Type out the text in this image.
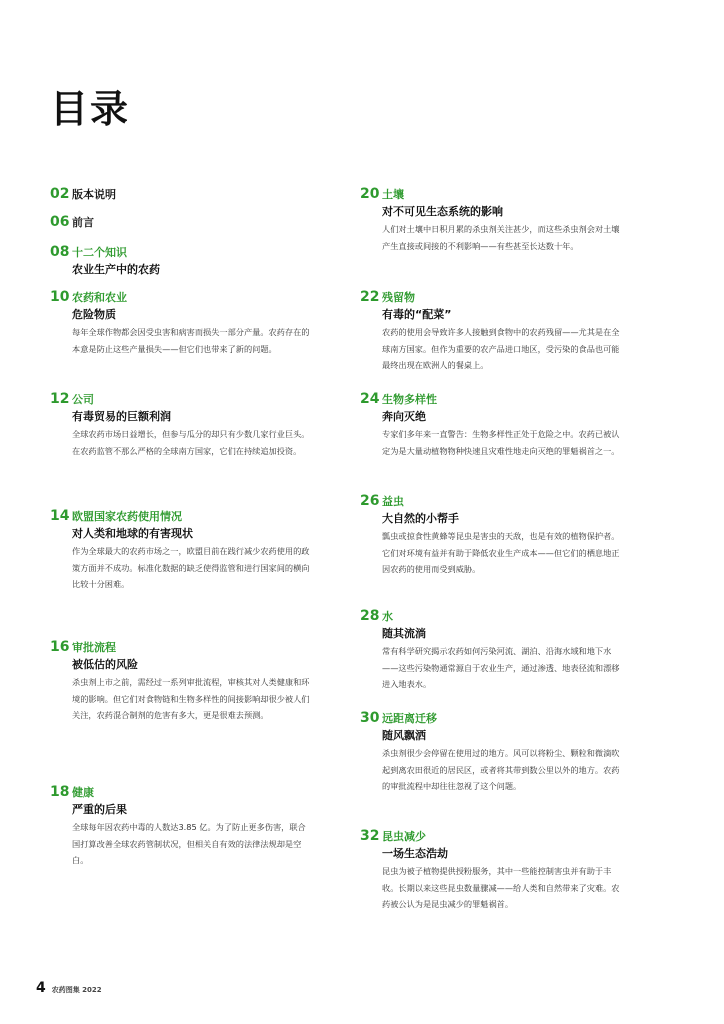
目录
02 版本说明
06 前言
08 十二个知识
农业生产中的农药
10 农药和农业
危险物质
每年全球作物都会因受虫害和病害而损失一部分产量。农药存在的本意是防止这些产量损失——但它们也带来了新的问题。
12 公司
有毒贸易的巨额利润
全球农药市场日益增长，但参与瓜分的却只有少数几家行业巨头。在农药监管不那么严格的全球南方国家，它们在持续追加投资。
14 欧盟国家农药使用情况
对人类和地球的有害现状
作为全球最大的农药市场之一，欧盟目前在践行减少农药使用的政策方面并不成功。标准化数据的缺乏使得监管和进行国家间的横向比较十分困难。
16 审批流程
被低估的风险
杀虫剂上市之前，需经过一系列审批流程，审核其对人类健康和环境的影响。但它们对食物链和生物多样性的间接影响却很少被人们关注，农药混合制剂的危害有多大，更是很难去预测。
18 健康
严重的后果
全球每年因农药中毒的人数达3.85 亿。为了防止更多伤害，联合国打算改善全球农药管制状况，但相关自有效的法律法规却是空白。
20 土壤
对不可见生态系统的影响
人们对土壤中日积月累的杀虫剂关注甚少，而这些杀虫剂会对土壤产生直接或间接的不利影响——有些甚至长达数十年。
22 残留物
有毒的“配菜”
农药的使用会导致许多人接触到食物中的农药残留——尤其是在全球南方国家。但作为重要的农产品进口地区，受污染的食品也可能最终出现在欧洲人的餐桌上。
24 生物多样性
奔向灭绝
专家们多年来一直警告：生物多样性正处于危险之中。农药已被认定为是大量动植物物种快速且灾难性地走向灭绝的罪魁祸首之一。
26 益虫
大自然的小帮手
瓢虫或掠食性黄蜂等昆虫是害虫的天敌，也是有效的植物保护者。它们对环境有益并有助于降低农业生产成本——但它们的栖息地正因农药的使用而受到威胁。
28 水
随其流淌
常有科学研究揭示农药如何污染河流、湖泊、沿海水域和地下水——这些污染物通常源自于农业生产，通过渗透、地表径流和漂移进入地表水。
30 远距离迁移
随风飘洒
杀虫剂很少会停留在使用过的地方。风可以将粉尘、颗粒和微滴吹起到离农田很近的居民区，或者将其带到数公里以外的地方。农药的审批流程中却往往忽视了这个问题。
32 昆虫减少
一场生态浩劫
昆虫为被子植物提供授粉服务，其中一些能控制害虫并有助于丰收。长期以来这些昆虫数量骤减——给人类和自然带来了灾难。农药被公认为是昆虫减少的罪魁祸首。
4 农药图集 2022
